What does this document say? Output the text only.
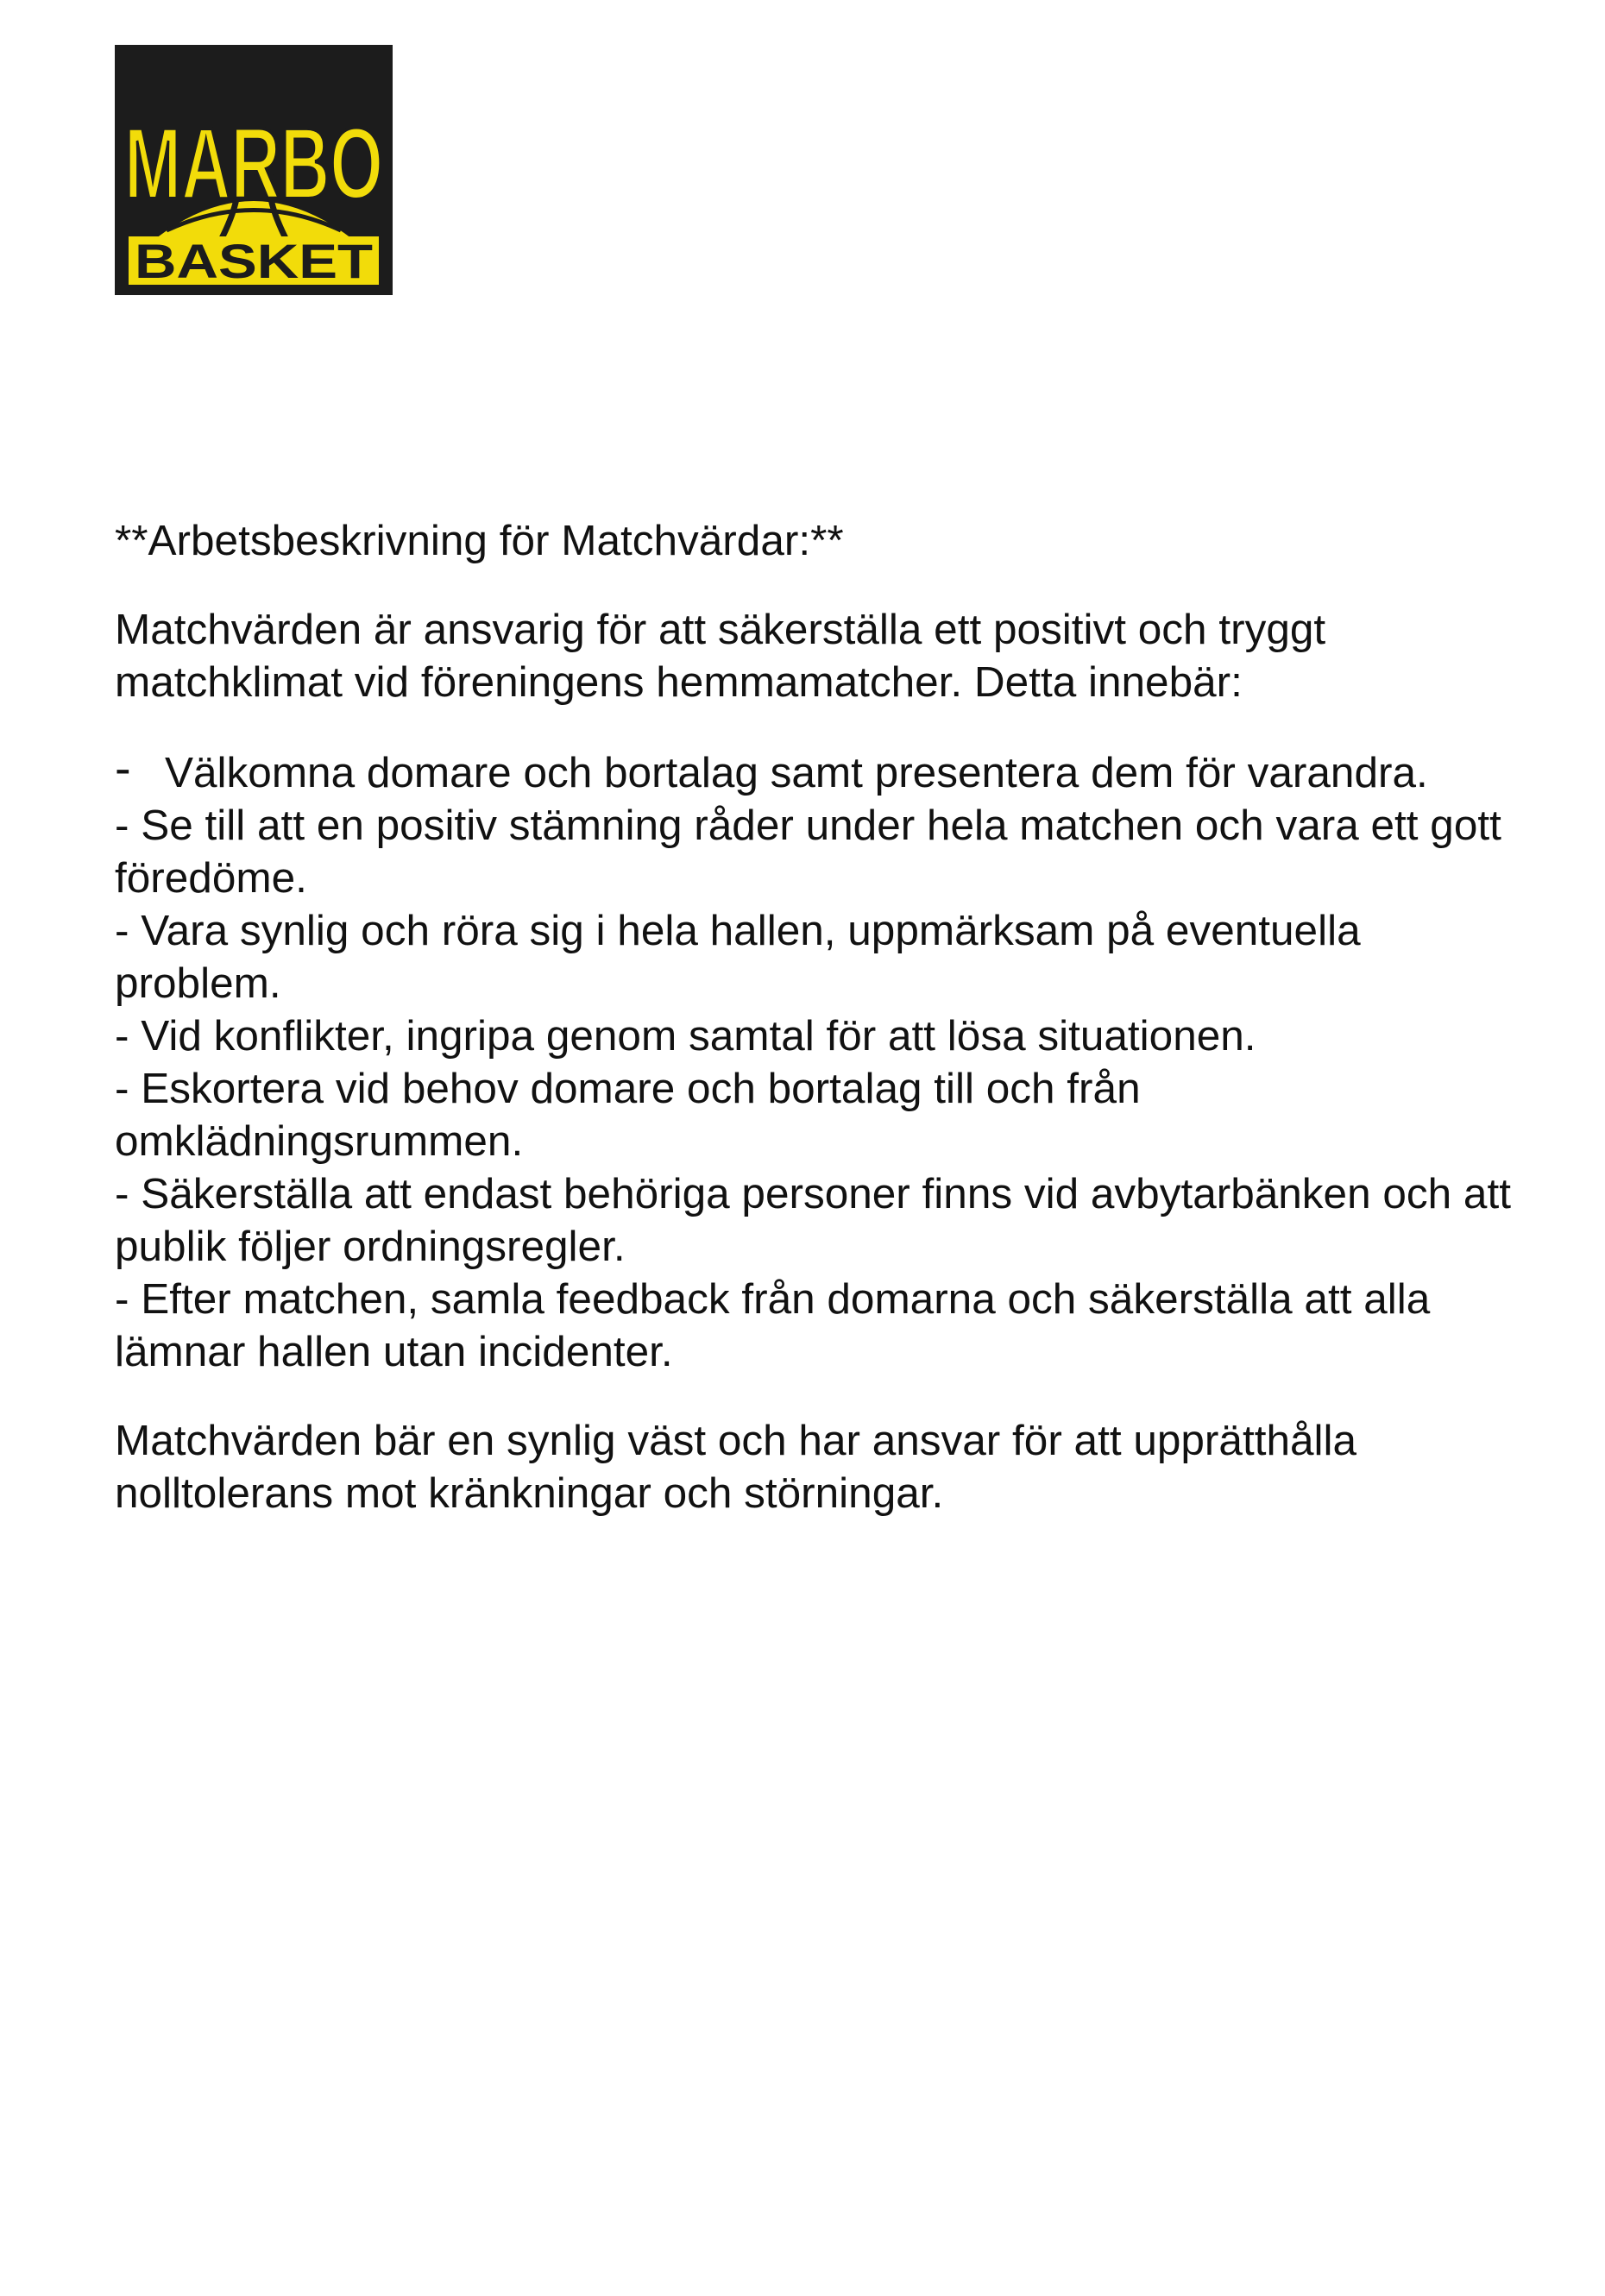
MARBO
BASKET

**Arbetsbeskrivning för Matchvärdar:**

Matchvärden är ansvarig för att säkerställa ett positivt och tryggt matchklimat vid föreningens hemmamatcher. Detta innebär:

- Välkomna domare och bortalag samt presentera dem för varandra.
- Se till att en positiv stämning råder under hela matchen och vara ett gott föredöme.
- Vara synlig och röra sig i hela hallen, uppmärksam på eventuella problem.
- Vid konflikter, ingripa genom samtal för att lösa situationen.
- Eskortera vid behov domare och bortalag till och från omklädningsrummen.
- Säkerställa att endast behöriga personer finns vid avbytarbänken och att publik följer ordningsregler.
- Efter matchen, samla feedback från domarna och säkerställa att alla lämnar hallen utan incidenter.

Matchvärden bär en synlig väst och har ansvar för att upprätthålla nolltolerans mot kränkningar och störningar.
